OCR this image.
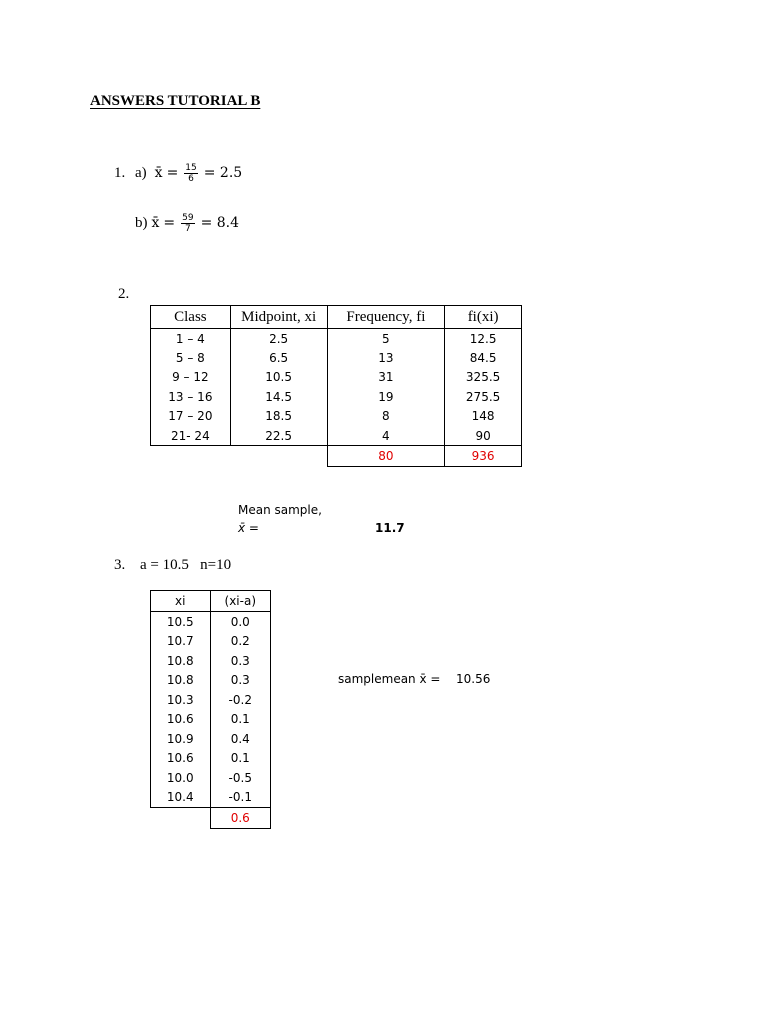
ANSWERS TUTORIAL B
1. a) x̄ = $\frac{15}{6} = 2.5$
b) x̄ = $\frac{59}{7} = 8.4$
2.
Class	Midpoint, xi	Frequency, fi	fi(xi)
1 – 4	2.5	5	12.5
5 – 8	6.5	13	84.5
9 – 12	10.5	31	325.5
13 – 16	14.5	19	275.5
17 – 20	18.5	8	148
21- 24	22.5	4	90
		80	936
Mean sample,
x̄ =	11.7
3. a = 10.5   n=10
xi	(xi-a)
10.5	0.0
10.7	0.2
10.8	0.3
10.8	0.3
10.3	-0.2
10.6	0.1
10.9	0.4
10.6	0.1
10.0	-0.5
10.4	-0.1
	0.6
samplemean x̄ = 10.56
